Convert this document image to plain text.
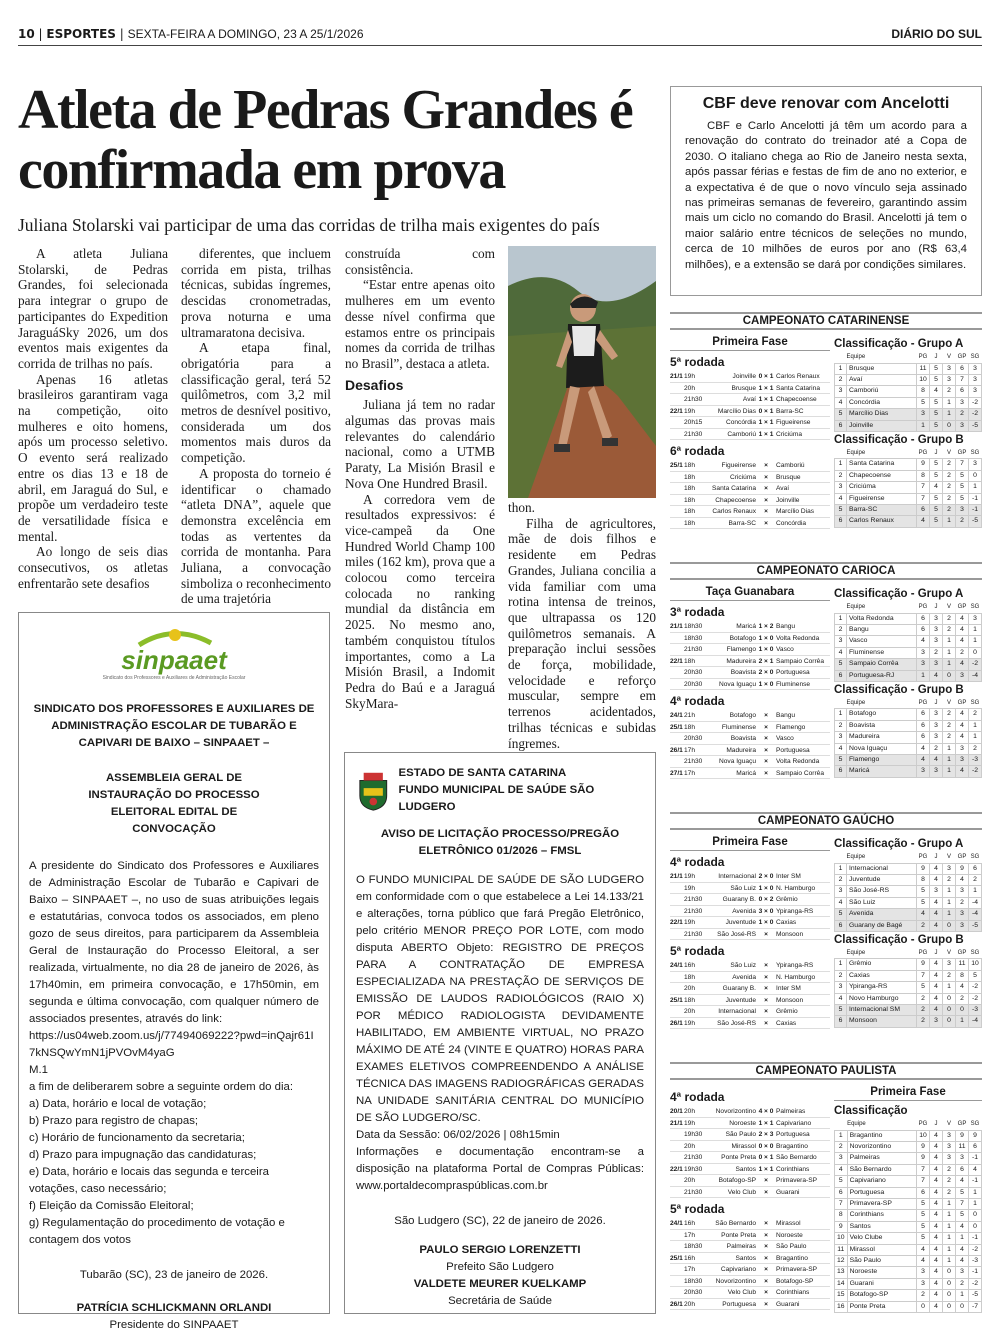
10 | ESPORTES | SEXTA-FEIRA A DOMINGO, 23 A 25/1/2026	DIÁRIO DO SUL
Atleta de Pedras Grandes é confirmada em prova
Juliana Stolarski vai participar de uma das corridas de trilha mais exigentes do país

A atleta Juliana Stolarski, de Pedras Grandes, foi selecionada para integrar o grupo de participantes do Expedition JaraguáSky 2026, um dos eventos mais exigentes da corrida de trilhas no país.

Apenas 16 atletas brasileiros garantiram vaga na competição, oito mulheres e oito homens, após um processo seletivo. O evento será realizado entre os dias 13 e 18 de abril, em Jaraguá do Sul, e propõe um verdadeiro teste de versatilidade física e mental.

Ao longo de seis dias consecutivos, os atletas enfrentarão sete desafios

diferentes, que incluem corrida em pista, trilhas técnicas, subidas íngremes, descidas cronometradas, prova noturna e uma ultramaratona decisiva.

A etapa final, obrigatória para a classificação geral, terá 52 quilômetros, com 3,2 mil metros de desnível positivo, considerada um dos momentos mais duros da competição.

A proposta do torneio é identificar o chamado “atleta DNA”, aquele que demonstra excelência em todas as vertentes da corrida de montanha. Para Juliana, a convocação simboliza o reconhecimento de uma trajetória

construída com consistência.

“Estar entre apenas oito mulheres em um evento desse nível confirma que estamos entre os principais nomes da corrida de trilhas no Brasil”, destaca a atleta.

Desafios

Juliana já tem no radar algumas das provas mais relevantes do calendário nacional, como a UTMB Paraty, La Misión Brasil e Nova One Hundred Brasil.

A corredora vem de resultados expressivos: é vice-campeã da One Hundred World Champ 100 miles (162 km), prova que a colocou como terceira colocada no ranking mundial da distância em 2025. No mesmo ano, também conquistou títulos importantes, como a La Misión Brasil, a Indomit Pedra do Baú e a Jaraguá SkyMara-

thon.

Filha de agricultores, mãe de dois filhos e residente em Pedras Grandes, Juliana concilia a vida familiar com uma rotina intensa de treinos, que ultrapassa os 120 quilômetros semanais. A preparação inclui sessões de força, mobilidade, velocidade e reforço muscular, sempre em terrenos acidentados, trilhas técnicas e subidas íngremes.

sinpaaet
Sindicato dos Professores e Auxiliares de Administração Escolar
SINDICATO DOS PROFESSORES E AUXILIARES DE ADMINISTRAÇÃO ESCOLAR DE TUBARÃO E CAPIVARI DE BAIXO – SINPAAET –
ASSEMBLEIA GERAL DE INSTAURAÇÃO DO PROCESSO ELEITORAL EDITAL DE CONVOCAÇÃO
A presidente do Sindicato dos Professores e Auxiliares de Administração Escolar de Tubarão e Capivari de Baixo – SINPAAET –, no uso de suas atribuições legais e estatutárias, convoca todos os associados, em pleno gozo de seus direitos, para participarem da Assembleia Geral de Instauração do Processo Eleitoral, a ser realizada, virtualmente, no dia 28 de janeiro de 2026, às 17h40min, em primeira convocação, e 17h50min, em segunda e última convocação, com qualquer número de associados presentes, através do link:
https://us04web.zoom.us/j/77494069222?pwd=inQajr61I7kNSQwYmN1jPVOvM4yaG
M.1
a fim de deliberarem sobre a seguinte ordem do dia:
a) Data, horário e local de votação;
b) Prazo para registro de chapas;
c) Horário de funcionamento da secretaria;
d) Prazo para impugnação das candidaturas;
e) Data, horário e locais das segunda e terceira votações, caso necessário;
f) Eleição da Comissão Eleitoral;
g) Regulamentação do procedimento de votação e contagem dos votos
Tubarão (SC), 23 de janeiro de 2026.
PATRÍCIA SCHLICKMANN ORLANDI
Presidente do SINPAAET
ESTADO DE SANTA CATARINA
FUNDO MUNICIPAL DE SAÚDE SÃO LUDGERO
AVISO DE LICITAÇÃO PROCESSO/PREGÃO ELETRÔNICO 01/2026 – FMSL
O FUNDO MUNICIPAL DE SAÚDE DE SÃO LUDGERO em conformidade com o que estabelece a Lei 14.133/21 e alterações, torna público que fará Pregão Eletrônico, pelo critério MENOR PREÇO POR LOTE, com modo disputa ABERTO Objeto: REGISTRO DE PREÇOS PARA A CONTRATAÇÃO DE EMPRESA ESPECIALIZADA NA PRESTAÇÃO DE SERVIÇOS DE EMISSÃO DE LAUDOS RADIOLÓGICOS (RAIO X) POR MÉDICO RADIOLOGISTA DEVIDAMENTE HABILITADO, EM AMBIENTE VIRTUAL, NO PRAZO MÁXIMO DE ATÉ 24 (VINTE E QUATRO) HORAS PARA EXAMES ELETIVOS COMPREENDENDO A ANÁLISE TÉCNICA DAS IMAGENS RADIOGRÁFICAS GERADAS NA UNIDADE SANITÁRIA CENTRAL DO MUNICÍPIO DE SÃO LUDGERO/SC.
Data da Sessão: 06/02/2026 | 08h15min
Informações e documentação encontram-se a disposição na plataforma Portal de Compras Públicas: www.portaldecompraspúblicas.com.br
São Ludgero (SC), 22 de janeiro de 2026.
PAULO SERGIO LORENZETTI
Prefeito São Ludgero
VALDETE MEURER KUELKAMP
Secretária de Saúde
CBF deve renovar com Ancelotti

CBF e Carlo Ancelotti já têm um acordo para a renovação do contrato do treinador até a Copa de 2030. O italiano chega ao Rio de Janeiro nesta sexta, após passar férias e festas de fim de ano no exterior, e a expectativa é de que o novo vínculo seja assinado nas primeiras semanas de fevereiro, garantindo assim mais um ciclo no comando do Brasil. Ancelotti já tem o maior salário entre técnicos de seleções no mundo, cerca de 10 milhões de euros por ano (R$ 63,4 milhões), e a extensão se dará por condições similares.

CAMPEONATO CATARINENSE
Primeira Fase
5ª rodada
21/1 19h	Joinville 0 × 1 Carlos Renaux
20h	Brusque 1 × 1 Santa Catarina
21h30	Avaí 1 × 1 Chapecoense
22/1 19h	Marcílio Dias 0 × 1 Barra-SC
20h15	Concórdia 1 × 1 Figueirense
21h30	Camboriú 1 × 1 Criciúma
6ª rodada
25/1 18h	Figueirense	×	Camboriú
18h	Criciúma	×	Brusque
18h	Santa Catarina	×	Avaí
18h	Chapecoense	×	Joinville
18h	Carlos Renaux	×	Marcílio Dias
18h	Barra-SC	×	Concórdia
Classificação - Grupo A
	Equipe	PG	J	V	GP	SG
1	Brusque	11	5	3	6	3
2	Avaí	10	5	3	7	3
3	Camboriú	8	4	2	6	3
4	Concórdia	5	5	1	3	-2
5	Marcílio Dias	3	5	1	2	-2
6	Joinville	1	5	0	3	-5
Classificação - Grupo B
	Equipe	PG	J	V	GP	SG
1	Santa Catarina	9	5	2	7	3
2	Chapecoense	8	5	2	5	0
3	Criciúma	7	4	2	5	1
4	Figueirense	7	5	2	5	-1
5	Barra-SC	6	5	2	3	-1
6	Carlos Renaux	4	5	1	2	-5
CAMPEONATO CARIOCA
Taça Guanabara
3ª rodada
21/1 18h30	Maricá 1 × 2 Bangu
18h30	Botafogo 1 × 0 Volta Redonda
21h30	Flamengo 1 × 0 Vasco
22/1 18h	Madureira 2 × 1 Sampaio Corrêa
20h30	Boavista 2 × 0 Portuguesa
20h30	Nova Iguaçu 1 × 0 Fluminense
4ª rodada
24/1 21h	Botafogo	×	Bangu
25/1 18h	Fluminense	×	Flamengo
20h30	Boavista	×	Vasco
26/1 17h	Madureira	×	Portuguesa
21h30	Nova Iguaçu	×	Volta Redonda
27/1 17h	Maricá	×	Sampaio Corrêa
Classificação - Grupo A
	Equipe	PG	J	V	GP	SG
1	Volta Redonda	6	3	2	4	3
2	Bangu	6	3	2	4	1
3	Vasco	4	3	1	4	1
4	Fluminense	3	2	1	2	0
5	Sampaio Corrêa	3	3	1	4	-2
6	Portuguesa-RJ	1	4	0	3	-4
Classificação - Grupo B
	Equipe	PG	J	V	GP	SG
1	Botafogo	6	3	2	4	2
2	Boavista	6	3	2	4	1
3	Madureira	6	3	2	4	1
4	Nova Iguaçu	4	2	1	3	2
5	Flamengo	4	4	1	3	-3
6	Maricá	3	3	1	4	-2
CAMPEONATO GAÚCHO
Primeira Fase
4ª rodada
21/1 19h	Internacional 2 × 0 Inter SM
19h	São Luiz 1 × 0 N. Hamburgo
21h30	Guarany B. 0 × 2 Grêmio
21h30	Avenida 3 × 0 Ypiranga-RS
22/1 19h	Juventude 1 × 0 Caxias
21h30	São José-RS	×	Monsoon
5ª rodada
24/1 16h	São Luiz	×	Ypiranga-RS
18h	Avenida	×	N. Hamburgo
20h	Guarany B.	×	Inter SM
25/1 18h	Juventude	×	Monsoon
20h	Internacional	×	Grêmio
26/1 19h	São José-RS	×	Caxias
Classificação - Grupo A
	Equipe	PG	J	V	GP	SG
1	Internacional	9	4	3	9	6
2	Juventude	8	4	2	4	2
3	São José-RS	5	3	1	3	1
4	São Luiz	5	4	1	2	-4
5	Avenida	4	4	1	3	-4
6	Guarany de Bagé	2	4	0	3	-5
Classificação - Grupo B
	Equipe	PG	J	V	GP	SG
1	Grêmio	9	4	3	11	10
2	Caxias	7	4	2	8	5
3	Ypiranga-RS	5	4	1	4	-2
4	Novo Hamburgo	2	4	0	2	-2
5	Internacional SM	2	4	0	0	-3
6	Monsoon	2	3	0	1	-4
CAMPEONATO PAULISTA
4ª rodada
20/1 20h	Novorizontino 4 × 0 Palmeiras
21/1 19h	Noroeste 1 × 1 Capivariano
19h30	São Paulo 2 × 3 Portuguesa
20h	Mirassol 0 × 0 Bragantino
21h30	Ponte Preta 0 × 1 São Bernardo
22/1 19h30	Santos 1 × 1 Corinthians
20h	Botafogo-SP	×	Primavera-SP
21h30	Velo Club	×	Guarani
5ª rodada
24/1 16h	São Bernardo	×	Mirassol
17h	Ponte Preta	×	Noroeste
18h30	Palmeiras	×	São Paulo
25/1 16h	Santos	×	Bragantino
17h	Capivariano	×	Primavera-SP
18h30	Novorizontino	×	Botafogo-SP
20h30	Velo Club	×	Corinthians
26/1 20h	Portuguesa	×	Guarani
Primeira Fase
Classificação
	Equipe	PG	J	V	GP	SG
1	Bragantino	10	4	3	9	9
2	Novorizontino	9	4	3	11	6
3	Palmeiras	9	4	3	3	-1
4	São Bernardo	7	4	2	6	4
5	Capivariano	7	4	2	4	-1
6	Portuguesa	6	4	2	5	1
7	Primavera-SP	5	4	1	7	1
8	Corinthians	5	4	1	5	0
9	Santos	5	4	1	4	0
10	Velo Clube	5	4	1	1	-1
11	Mirassol	4	4	1	4	-2
12	São Paulo	4	4	1	4	-3
13	Noroeste	3	4	0	3	-1
14	Guarani	3	4	0	2	-2
15	Botafogo-SP	2	4	0	1	-5
16	Ponte Preta	0	4	0	0	-7
